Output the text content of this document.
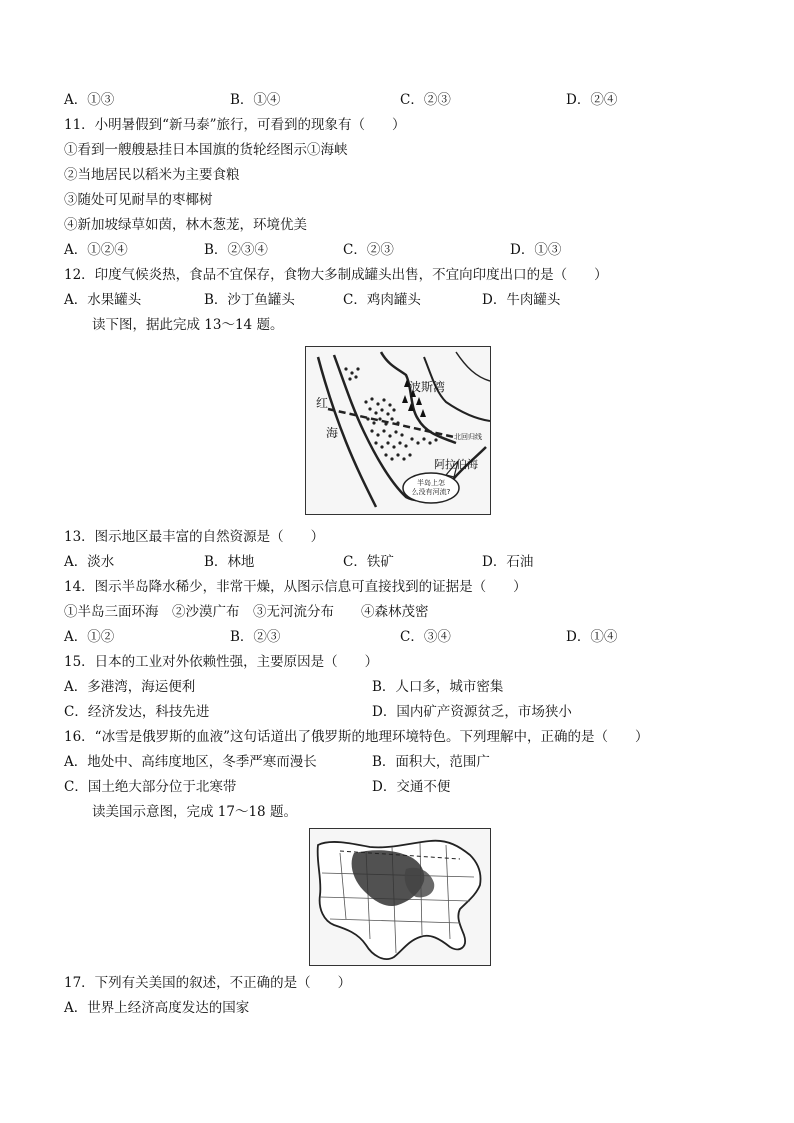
A．①③	B．①④	C．②③	D．②④
11．小明暑假到“新马泰”旅行，可看到的现象有（　　）
①看到一艘艘悬挂日本国旗的货轮经图示①海峡
②当地居民以稻米为主要食粮
③随处可见耐旱的枣椰树
④新加坡绿草如茵，林木葱茏，环境优美
A．①②④	B．②③④	C．②③	D．①③
12．印度气候炎热，食品不宜保存，食物大多制成罐头出售，不宜向印度出口的是（　　）
A．水果罐头	B．沙丁鱼罐头	C．鸡肉罐头	D．牛肉罐头
读下图，据此完成 13～14 题。
波斯湾
红
海	北回归线
阿拉伯海
半岛上怎
么没有河流?
13．图示地区最丰富的自然资源是（　　）
A．淡水	B．林地	C．铁矿	D．石油
14．图示半岛降水稀少，非常干燥，从图示信息可直接找到的证据是（　　）
①半岛三面环海　②沙漠广布　③无河流分布　　④森林茂密
A．①②	B．②③	C．③④	D．①④
15．日本的工业对外依赖性强，主要原因是（　　）
A．多港湾，海运便利	B．人口多，城市密集
C．经济发达，科技先进	D．国内矿产资源贫乏，市场狭小
16．“冰雪是俄罗斯的血液”这句话道出了俄罗斯的地理环境特色。下列理解中，正确的是（　　）
A．地处中、高纬度地区，冬季严寒而漫长	B．面积大，范围广
C．国土绝大部分位于北寒带	D．交通不便
读美国示意图，完成 17～18 题。
17．下列有关美国的叙述，不正确的是（　　）
A．世界上经济高度发达的国家
